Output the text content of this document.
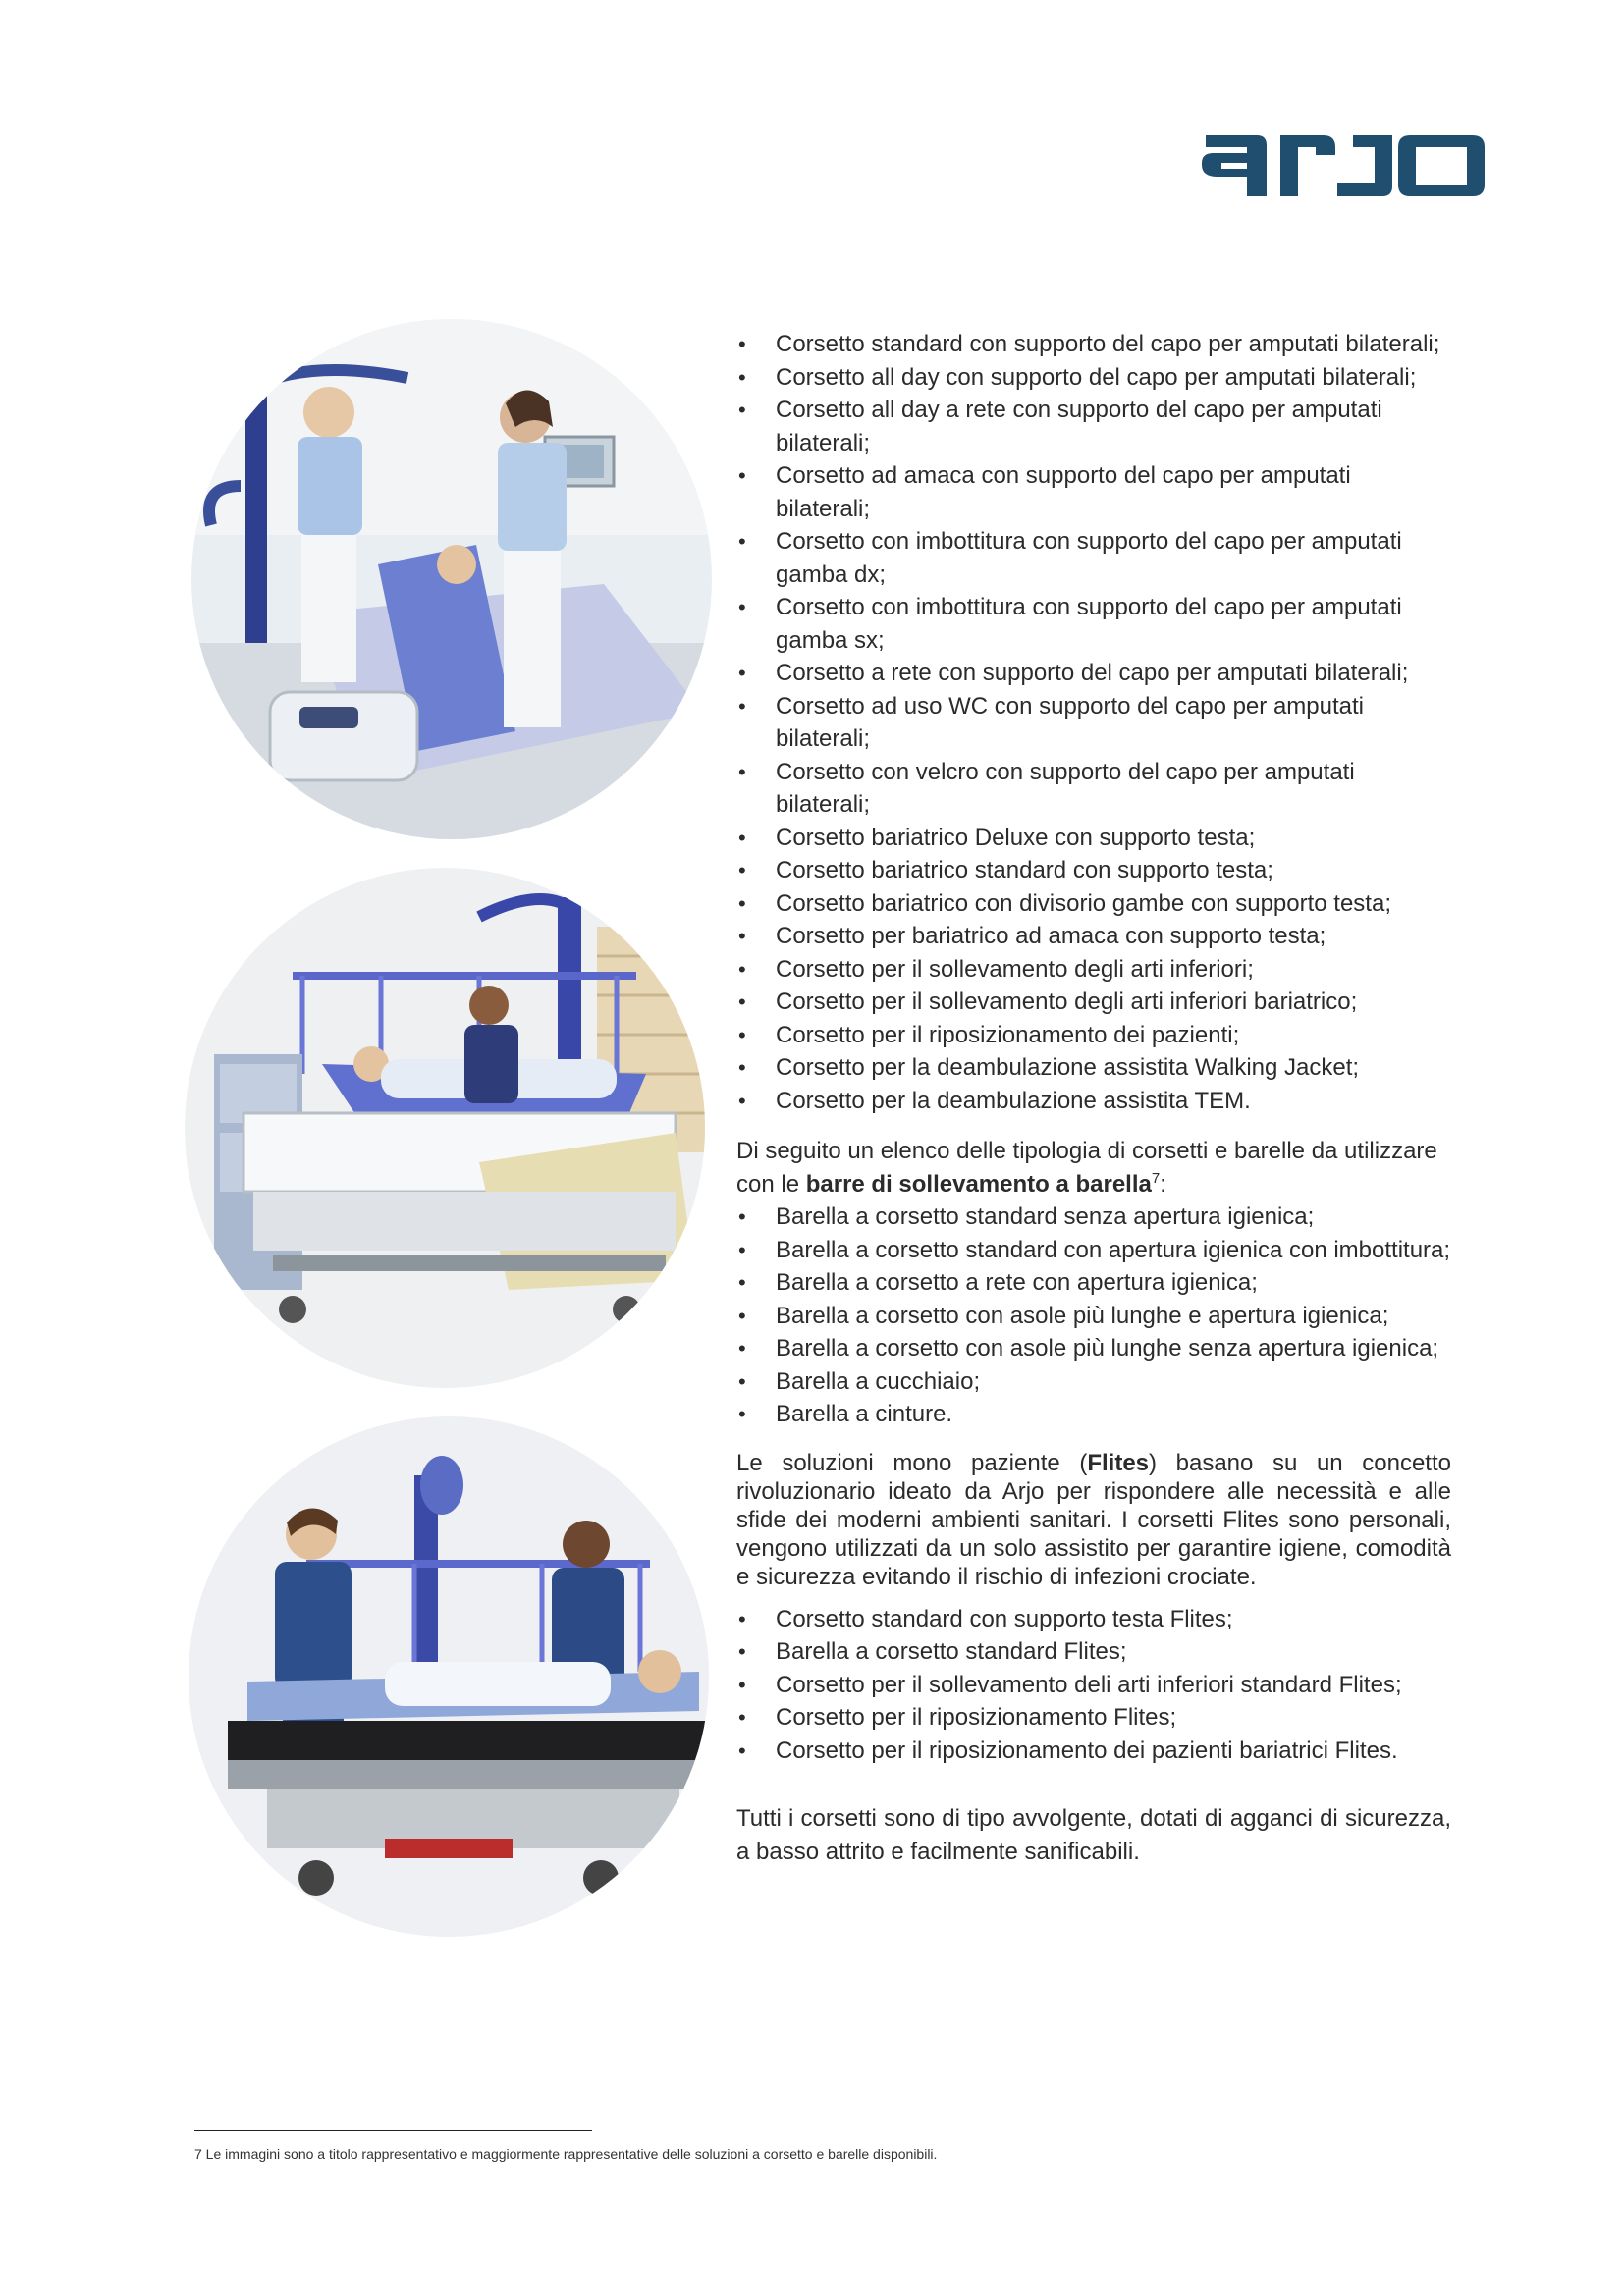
• Corsetto standard con supporto del capo per amputati bilaterali;
• Corsetto all day con supporto del capo per amputati bilaterali;
• Corsetto all day a rete con supporto del capo per amputati bilaterali;
• Corsetto ad amaca con supporto del capo per amputati bilaterali;
• Corsetto con imbottitura con supporto del capo per amputati gamba dx;
• Corsetto con imbottitura con supporto del capo per amputati gamba sx;
• Corsetto a rete con supporto del capo per amputati bilaterali;
• Corsetto ad uso WC con supporto del capo per amputati bilaterali;
• Corsetto con velcro con supporto del capo per amputati bilaterali;
• Corsetto bariatrico Deluxe con supporto testa;
• Corsetto bariatrico standard con supporto testa;
• Corsetto bariatrico con divisorio gambe con supporto testa;
• Corsetto per bariatrico ad amaca con supporto testa;
• Corsetto per il sollevamento degli arti inferiori;
• Corsetto per il sollevamento degli arti inferiori bariatrico;
• Corsetto per il riposizionamento dei pazienti;
• Corsetto per la deambulazione assistita Walking Jacket;
• Corsetto per la deambulazione assistita TEM.

Di seguito un elenco delle tipologia di corsetti e barelle da utilizzare con le barre di sollevamento a barella$^7$:

• Barella a corsetto standard senza apertura igienica;
• Barella a corsetto standard con apertura igienica con imbottitura;
• Barella a corsetto a rete con apertura igienica;
• Barella a corsetto con asole più lunghe e apertura igienica;
• Barella a corsetto con asole più lunghe senza apertura igienica;
• Barella a cucchiaio;
• Barella a cinture.

Le soluzioni mono paziente (Flites) basano su un concetto rivoluzionario ideato da Arjo per rispondere alle necessità e alle sfide dei moderni ambienti sanitari. I corsetti Flites sono personali, vengono utilizzati da un solo assistito per garantire igiene, comodità e sicurezza evitando il rischio di infezioni crociate.

• Corsetto standard con supporto testa Flites;
• Barella a corsetto standard Flites;
• Corsetto per il sollevamento deli arti inferiori standard Flites;
• Corsetto per il riposizionamento Flites;
• Corsetto per il riposizionamento dei pazienti bariatrici Flites.

Tutti i corsetti sono di tipo avvolgente, dotati di agganci di sicurezza, a basso attrito e facilmente sanificabili.

7 Le immagini sono a titolo rappresentativo e maggiormente rappresentative delle soluzioni a corsetto e barelle disponibili.
